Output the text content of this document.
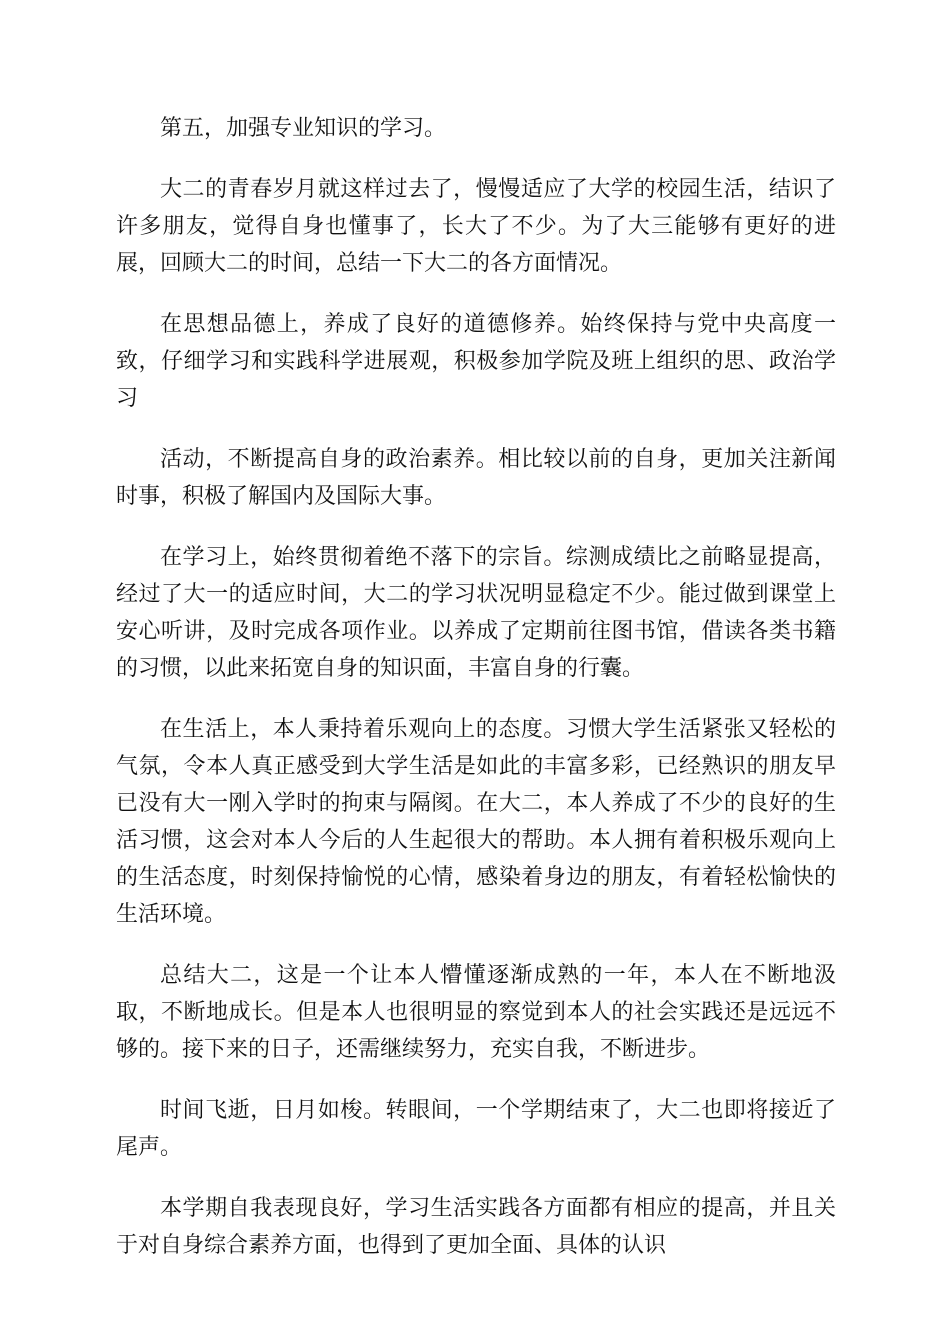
第五，加强专业知识的学习。

大二的青春岁月就这样过去了，慢慢适应了大学的校园生活，结识了许多朋友，觉得自身也懂事了，长大了不少。为了大三能够有更好的进展，回顾大二的时间，总结一下大二的各方面情况。

在思想品德上，养成了良好的道德修养。始终保持与党中央高度一致，仔细学习和实践科学进展观，积极参加学院及班上组织的思、政治学习

活动，不断提高自身的政治素养。相比较以前的自身，更加关注新闻时事，积极了解国内及国际大事。

在学习上，始终贯彻着绝不落下的宗旨。综测成绩比之前略显提高，经过了大一的适应时间，大二的学习状况明显稳定不少。能过做到课堂上安心听讲，及时完成各项作业。以养成了定期前往图书馆，借读各类书籍的习惯，以此来拓宽自身的知识面，丰富自身的行囊。

在生活上，本人秉持着乐观向上的态度。习惯大学生活紧张又轻松的气氛，令本人真正感受到大学生活是如此的丰富多彩，已经熟识的朋友早已没有大一刚入学时的拘束与隔阂。在大二，本人养成了不少的良好的生活习惯，这会对本人今后的人生起很大的帮助。本人拥有着积极乐观向上的生活态度，时刻保持愉悦的心情，感染着身边的朋友，有着轻松愉快的生活环境。

总结大二，这是一个让本人懵懂逐渐成熟的一年，本人在不断地汲取，不断地成长。但是本人也很明显的察觉到本人的社会实践还是远远不够的。接下来的日子，还需继续努力，充实自我，不断进步。

时间飞逝，日月如梭。转眼间，一个学期结束了，大二也即将接近了尾声。

本学期自我表现良好，学习生活实践各方面都有相应的提高，并且关于对自身综合素养方面，也得到了更加全面、具体的认识
